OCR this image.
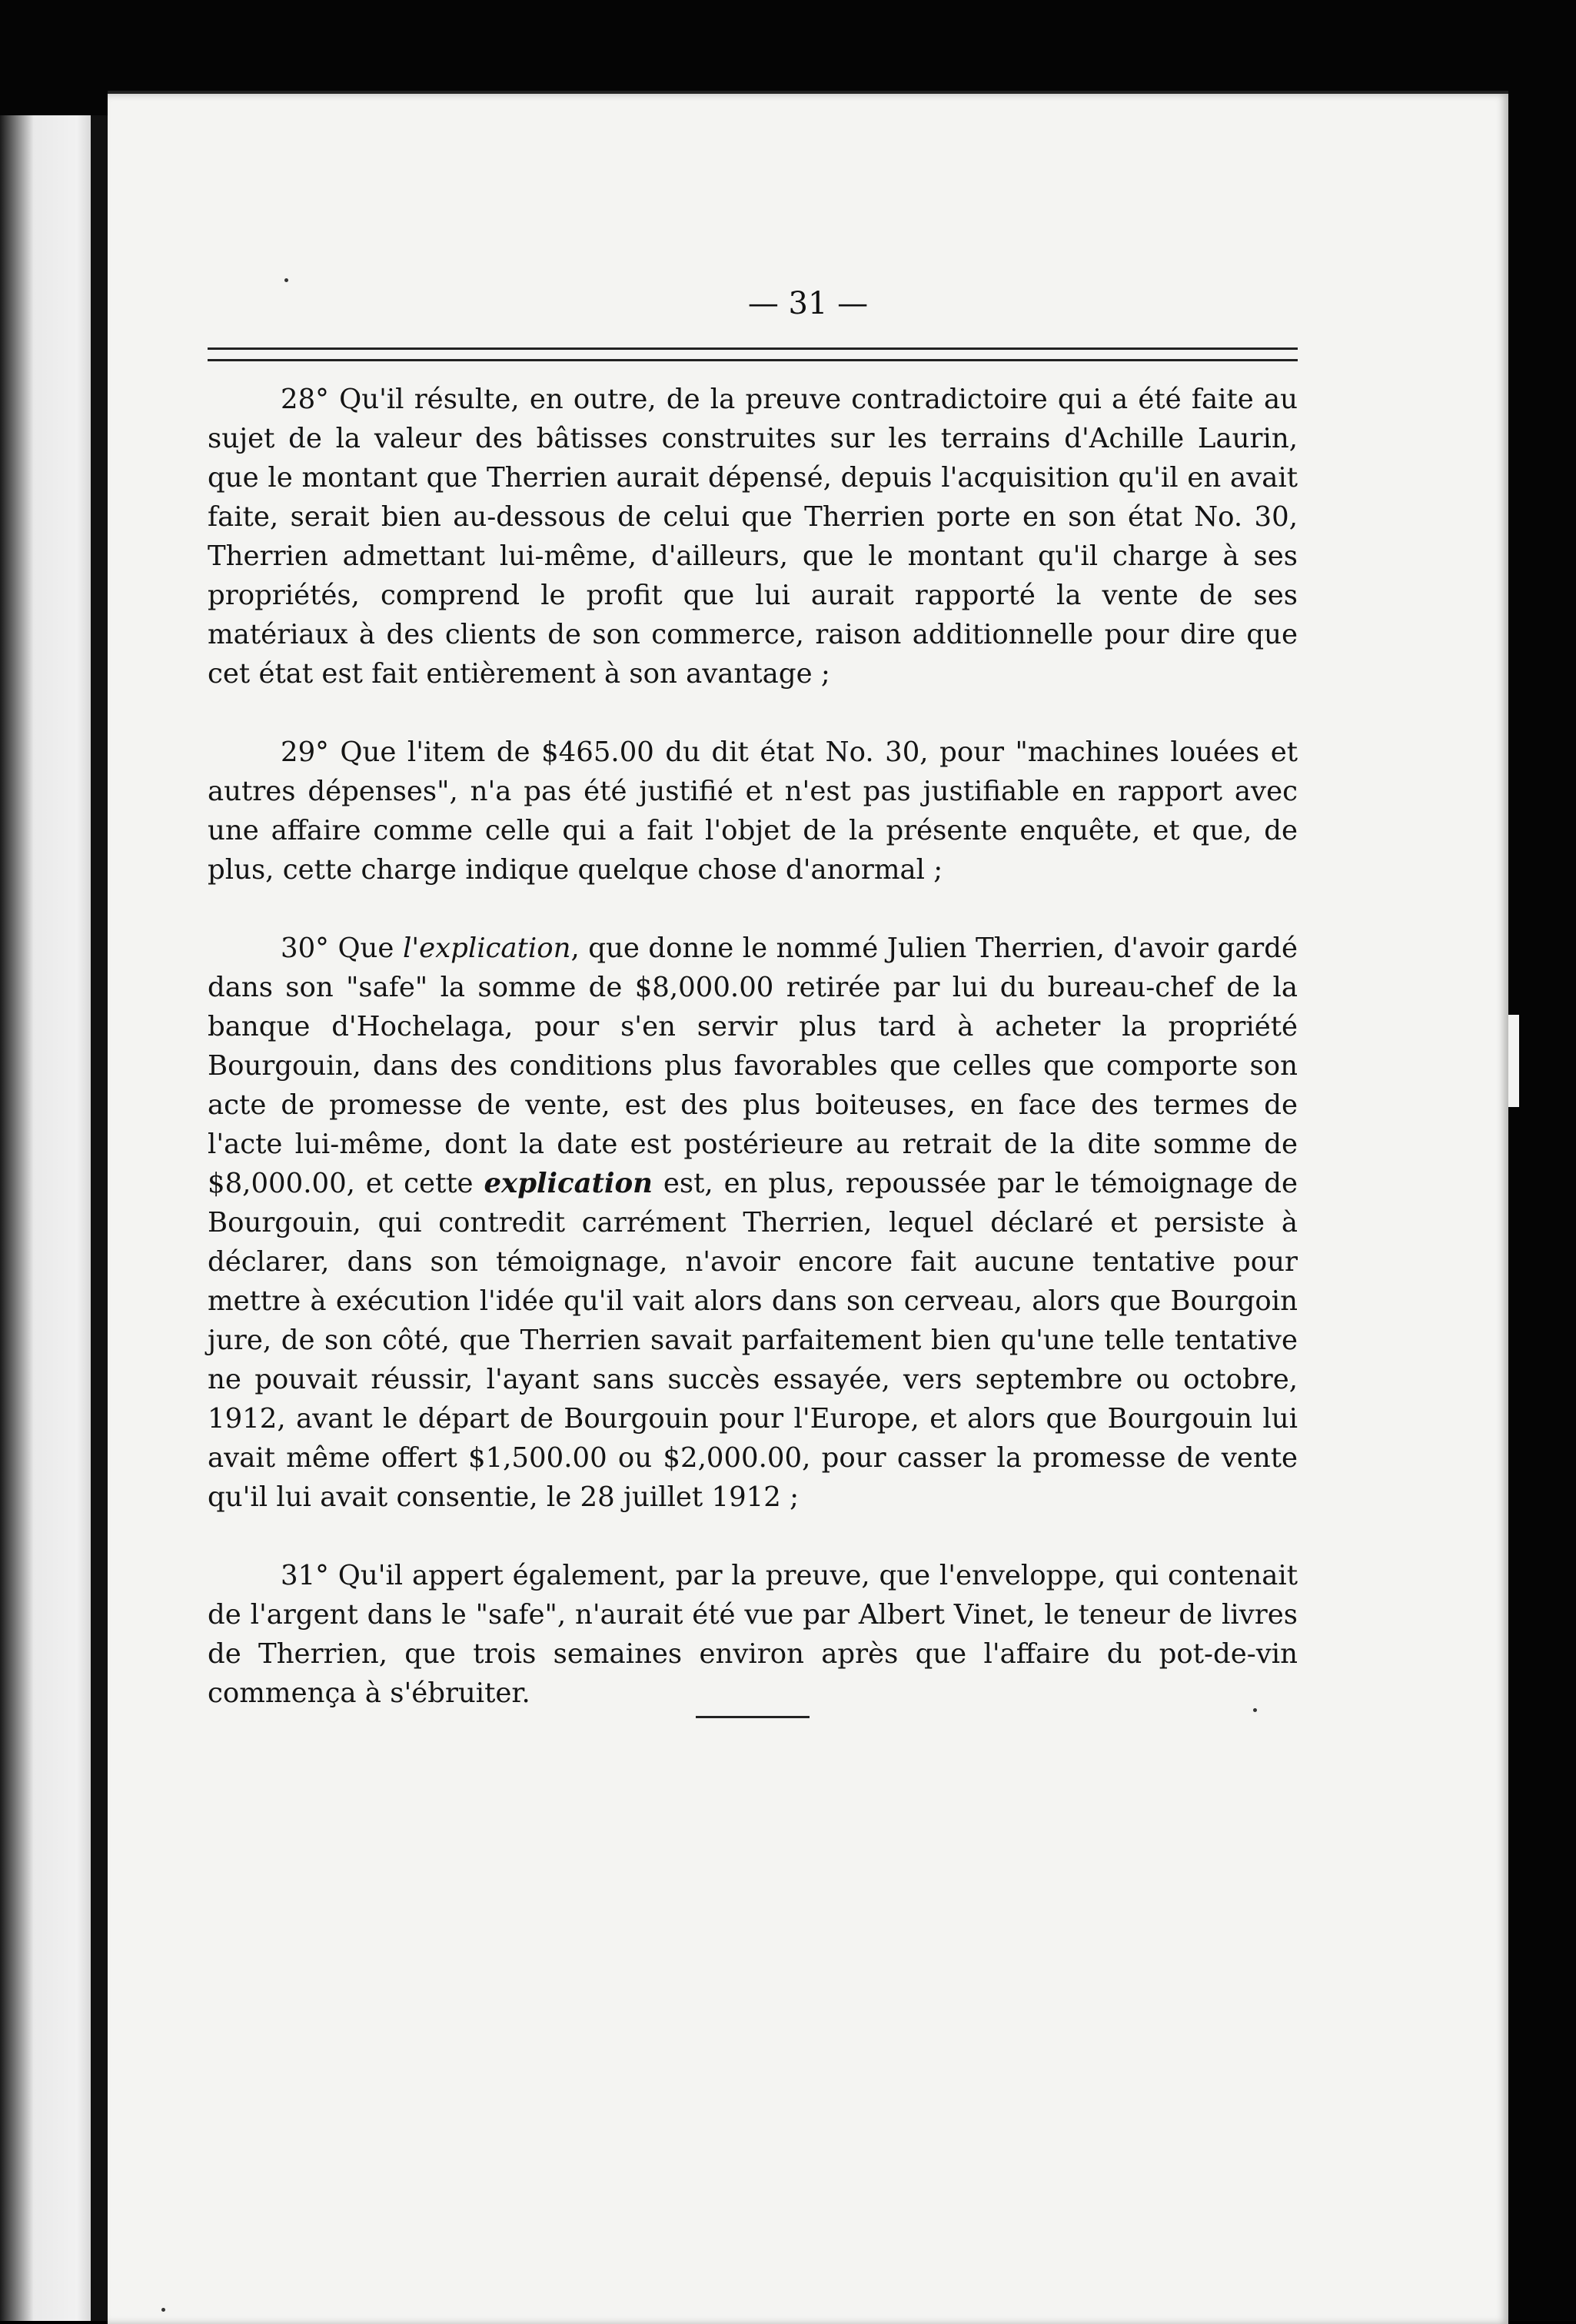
— 31 —

28° Qu'il résulte, en outre, de la preuve contradictoire qui a été faite au sujet de la valeur des bâtisses construites sur les terrains d'Achille Laurin, que le montant que Therrien aurait dépensé, depuis l'acquisition qu'il en avait faite, serait bien au-dessous de celui que Therrien porte en son état No. 30, Therrien admettant lui-même, d'ailleurs, que le montant qu'il charge à ses propriétés, comprend le profit que lui aurait rapporté la vente de ses matériaux à des clients de son commerce, raison additionnelle pour dire que cet état est fait entièrement à son avantage ;

29° Que l'item de $465.00 du dit état No. 30, pour "machines louées et autres dépenses", n'a pas été justifié et n'est pas justifiable en rapport avec une affaire comme celle qui a fait l'objet de la présente enquête, et que, de plus, cette charge indique quelque chose d'anormal ;

30° Que l'explication, que donne le nommé Julien Therrien, d'avoir gardé dans son "safe" la somme de $8,000.00 retirée par lui du bureau-chef de la banque d'Hochelaga, pour s'en servir plus tard à acheter la propriété Bourgouin, dans des conditions plus favorables que celles que comporte son acte de promesse de vente, est des plus boiteuses, en face des termes de l'acte lui-même, dont la date est postérieure au retrait de la dite somme de $8,000.00, et cette explication est, en plus, repoussée par le témoignage de Bourgouin, qui contredit carrément Therrien, lequel déclaré et persiste à déclarer, dans son témoignage, n'avoir encore fait aucune tentative pour mettre à exécution l'idée qu'il vait alors dans son cerveau, alors que Bourgoin jure, de son côté, que Therrien savait parfaitement bien qu'une telle tentative ne pouvait réussir, l'ayant sans succès essayée, vers septembre ou octobre, 1912, avant le départ de Bourgouin pour l'Europe, et alors que Bourgouin lui avait même offert $1,500.00 ou $2,000.00, pour casser la promesse de vente qu'il lui avait consentie, le 28 juillet 1912 ;

31° Qu'il appert également, par la preuve, que l'enveloppe, qui contenait de l'argent dans le "safe", n'aurait été vue par Albert Vinet, le teneur de livres de Therrien, que trois semaines environ après que l'affaire du pot-de-vin commença à s'ébruiter.
